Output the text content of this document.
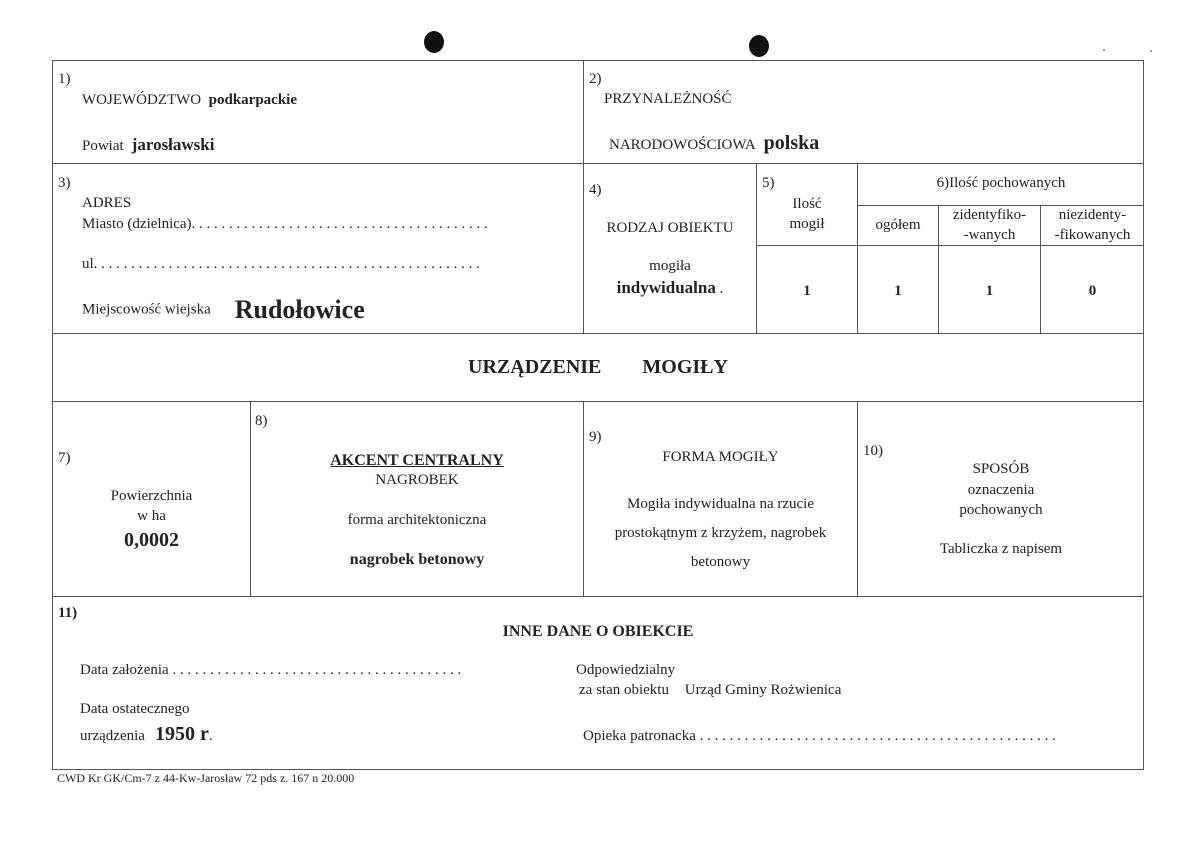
1)
WOJEWÓDZTWO podkarpackie
Powiat jarosławski
2)
PRZYNALEŻNOŚĆ
NARODOWOŚCIOWA polska
3)
ADRES
Miasto (dzielnica). . . . . . . . . . . . . . . . . . . . . . . . . . . . . . . . . . . . . . . .
ul. . . . . . . . . . . . . . . . . . . . . . . . . . . . . . . . . . . . . . . . . . . . . . . . . . . .
Miejscowość wiejska Rudołowice
4)
RODZAJ OBIEKTU
mogiła
indywidualna .
5)
Ilość
mogił
1
6)Ilość pochowanych
ogółem
zidentyfiko-
-wanych
niezidenty-
-fikowanych
1	1	0
URZĄDZENIE MOGIŁY
7)
Powierzchnia
w ha
0,0002
8)
AKCENT CENTRALNY
NAGROBEK
forma architektoniczna
nagrobek betonowy
9)
FORMA MOGIŁY
Mogiła indywidualna na rzucie
prostokątnym z krzyżem, nagrobek
betonowy
10)
SPOSÓB
oznaczenia
pochowanych
Tabliczka z napisem
11)
INNE DANE O OBIEKCIE
Data założenia . . . . . . . . . . . . . . . . . . . . . . . . . . . . . . . . . . . . . . .
Data ostatecznego
urządzenia 1950 r.
Odpowiedzialny
za stan obiektu Urząd Gminy Rożwienica
Opieka patronacka . . . . . . . . . . . . . . . . . . . . . . . . . . . . . . . . . . . . . . . . . . . . . . . .
CWD Kr GK/Cm-7 z 44-Kw-Jarosław 72 pds z. 167 n 20.000
